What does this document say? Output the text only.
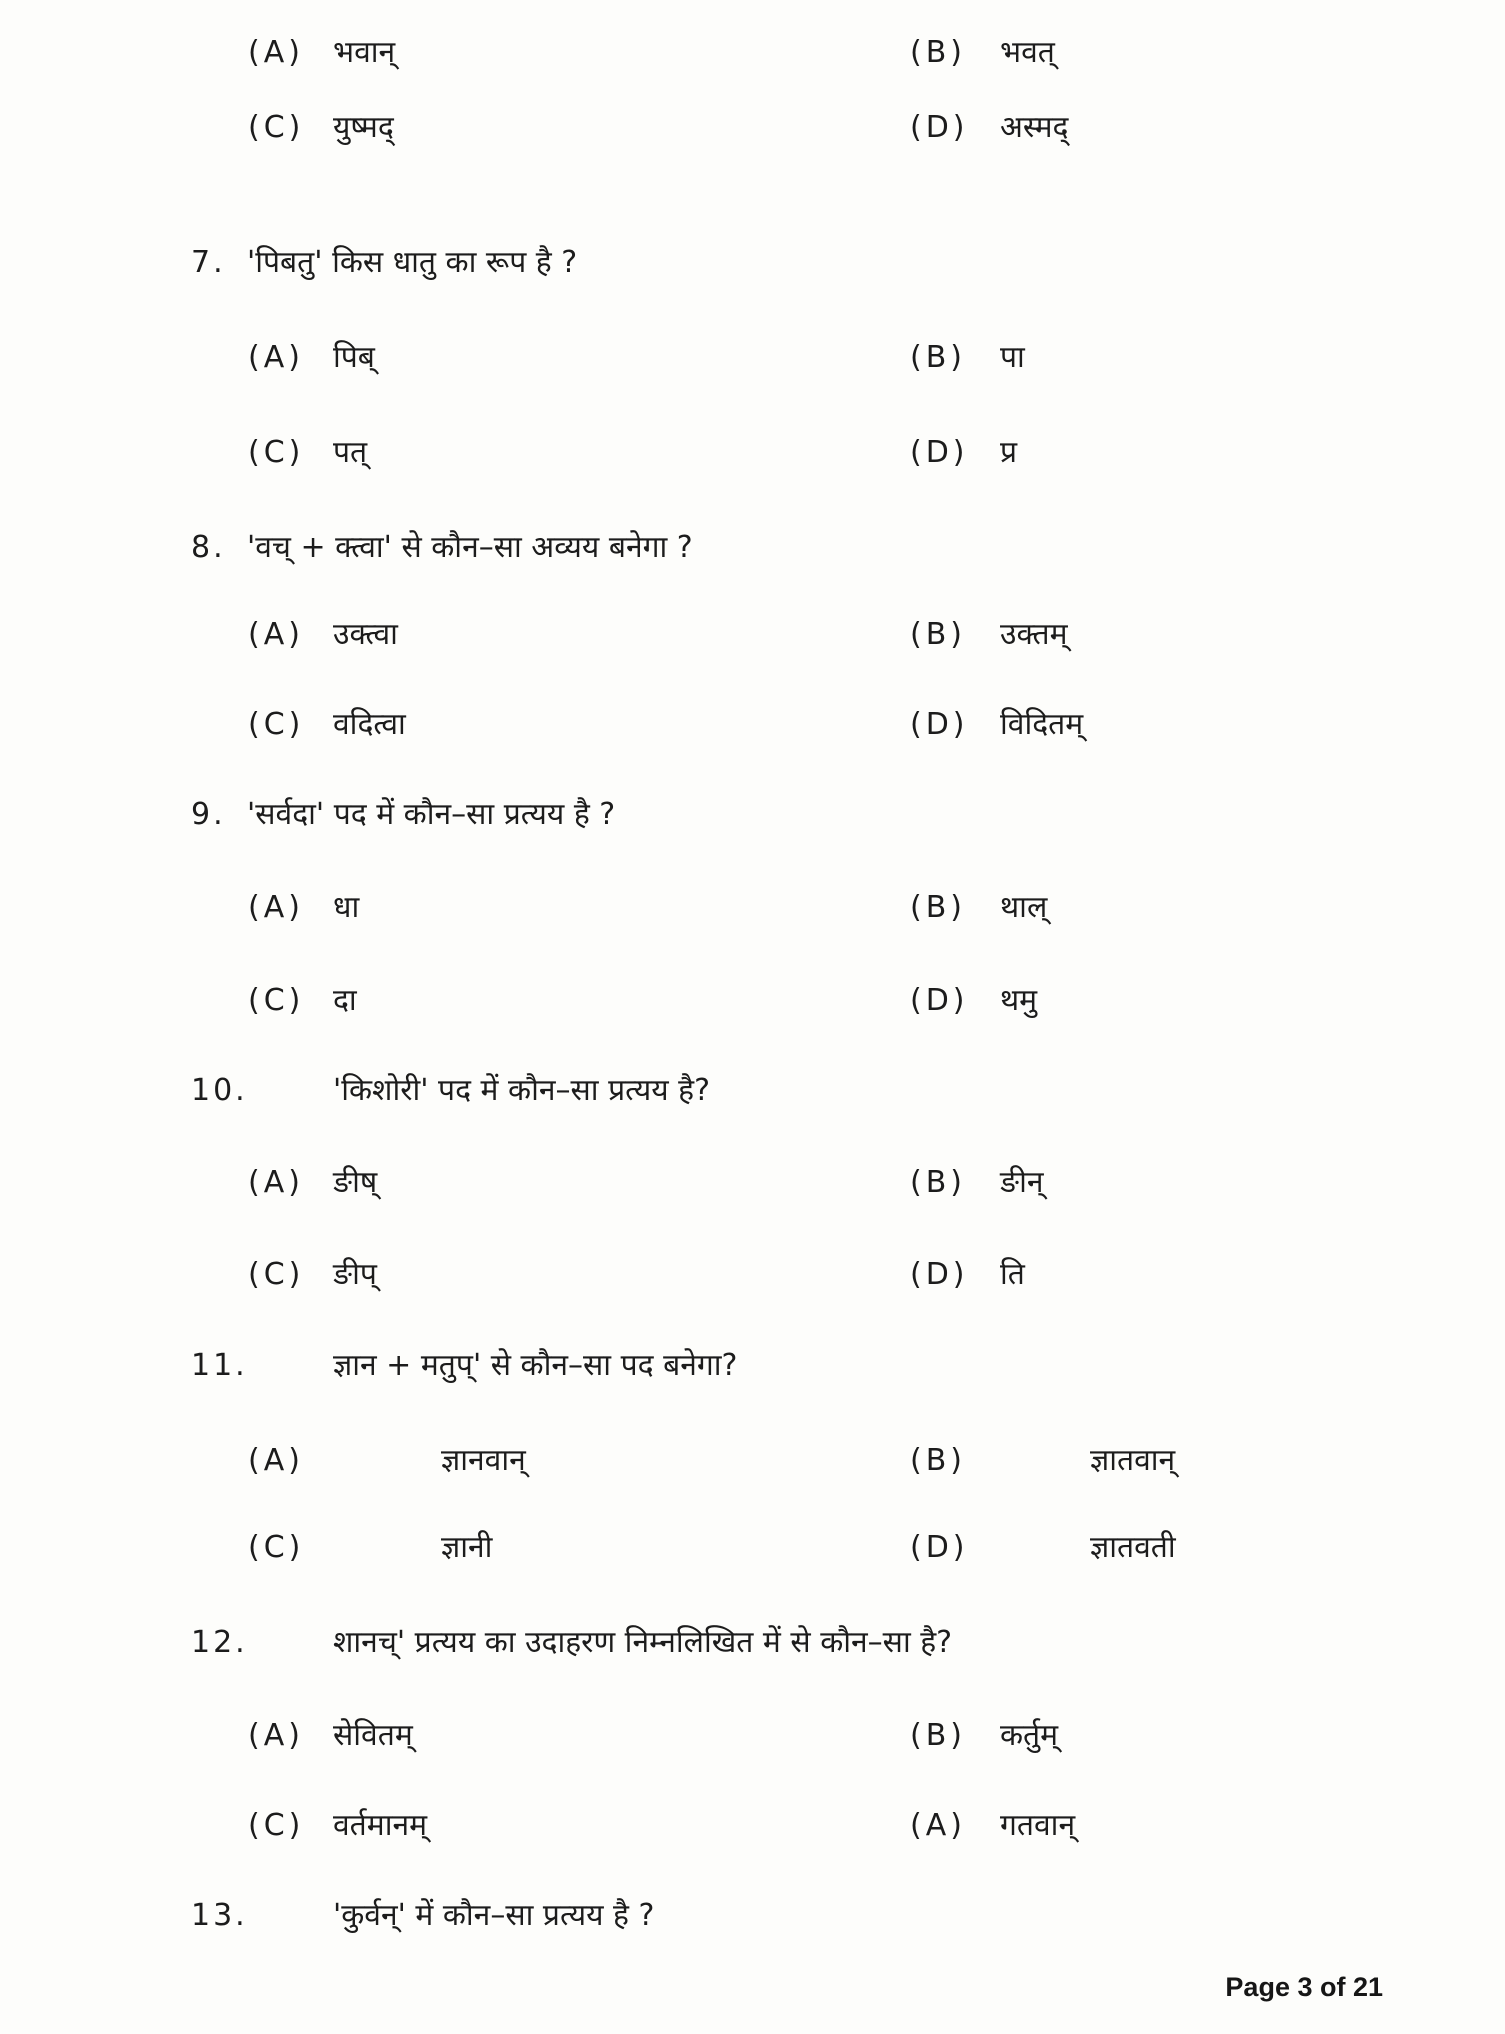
(A) भवान्	(B) भवत्
(C) युष्मद्	(D) अस्मद्
7. 'पिबतु' किस धातु का रूप है ?
(A) पिब्	(B) पा
(C) पत्	(D) प्र
8. 'वच् + क्त्वा' से कौन–सा अव्यय बनेगा ?
(A) उक्त्वा	(B) उक्तम्
(C) वदित्वा	(D) विदितम्
9. 'सर्वदा' पद में कौन–सा प्रत्यय है ?
(A) धा	(B) थाल्
(C) दा	(D) थमु
10.	'किशोरी' पद में कौन–सा प्रत्यय है?
(A) ङीष्	(B) ङीन्
(C) ङीप्	(D) ति
11.	ज्ञान + मतुप्' से कौन–सा पद बनेगा?
(A)	ज्ञानवान्	(B)	ज्ञातवान्
(C)	ज्ञानी	(D)	ज्ञातवती
12.	शानच्' प्रत्यय का उदाहरण निम्नलिखित में से कौन–सा है?
(A) सेवितम्	(B) कर्तुम्
(C) वर्तमानम्	(A) गतवान्
13.	'कुर्वन्' में कौन–सा प्रत्यय है ?
Page 3 of 21
